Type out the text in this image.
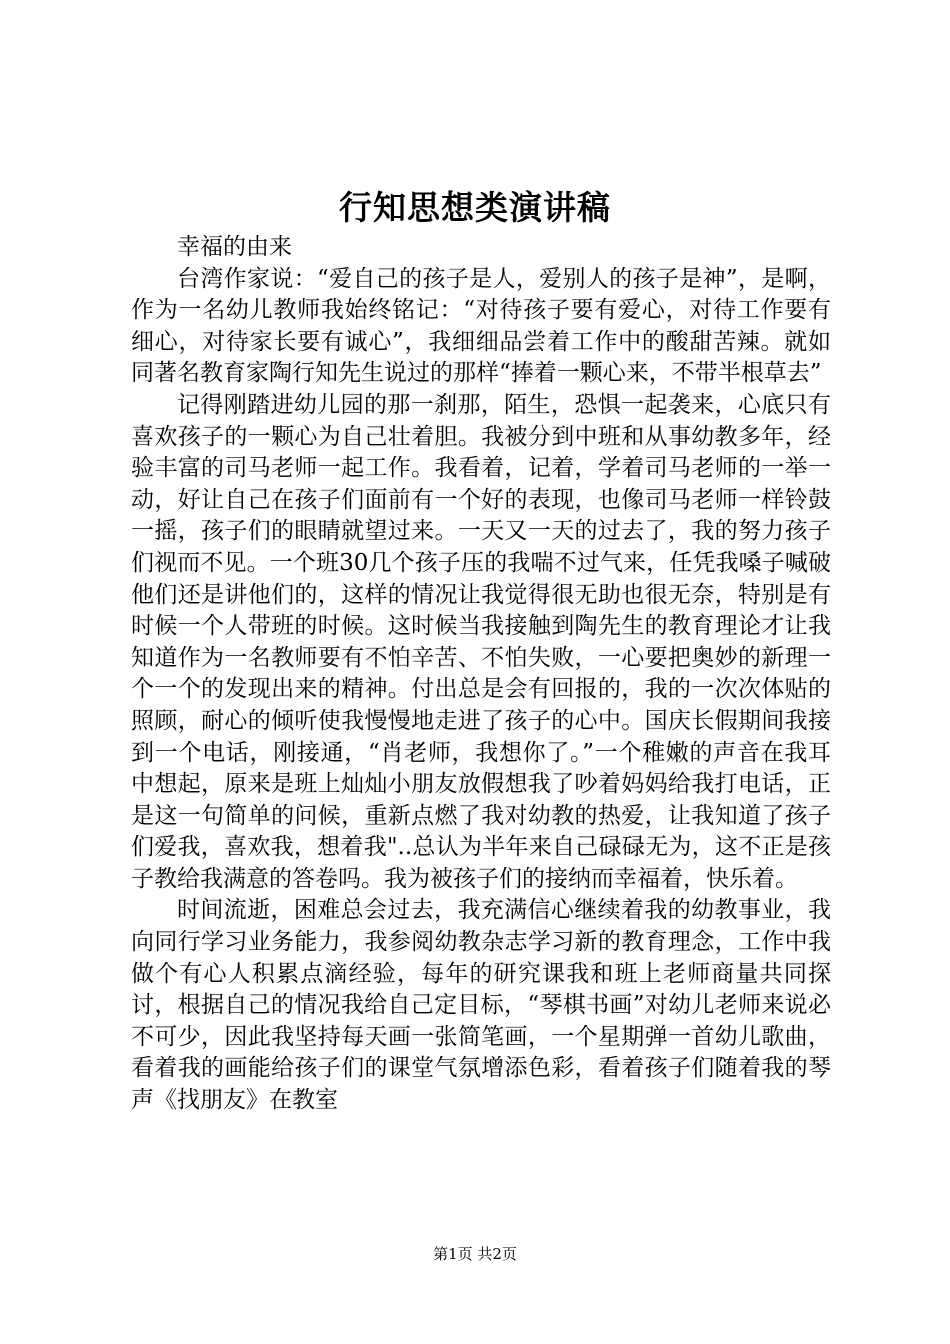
行知思想类演讲稿

幸福的由来

台湾作家说：“爱自己的孩子是人，爱别人的孩子是神”，是啊，作为一名幼儿教师我始终铭记：“对待孩子要有爱心，对待工作要有细心，对待家长要有诚心”，我细细品尝着工作中的酸甜苦辣。就如同著名教育家陶行知先生说过的那样“捧着一颗心来，不带半根草去”

记得刚踏进幼儿园的那一刹那，陌生，恐惧一起袭来，心底只有喜欢孩子的一颗心为自己壮着胆。我被分到中班和从事幼教多年，经验丰富的司马老师一起工作。我看着，记着，学着司马老师的一举一动，好让自己在孩子们面前有一个好的表现，也像司马老师一样铃鼓一摇，孩子们的眼睛就望过来。一天又一天的过去了，我的努力孩子们视而不见。一个班30几个孩子压的我喘不过气来，任凭我嗓子喊破他们还是讲他们的，这样的情况让我觉得很无助也很无奈，特别是有时候一个人带班的时候。这时候当我接触到陶先生的教育理论才让我知道作为一名教师要有不怕辛苦、不怕失败，一心要把奥妙的新理一个一个的发现出来的精神。付出总是会有回报的，我的一次次体贴的照顾，耐心的倾听使我慢慢地走进了孩子的心中。国庆长假期间我接到一个电话，刚接通，“肖老师，我想你了。”一个稚嫩的声音在我耳中想起，原来是班上灿灿小朋友放假想我了吵着妈妈给我打电话，正是这一句简单的问候，重新点燃了我对幼教的热爱，让我知道了孩子们爱我，喜欢我，想着我"..总认为半年来自己碌碌无为，这不正是孩子教给我满意的答卷吗。我为被孩子们的接纳而幸福着，快乐着。

时间流逝，困难总会过去，我充满信心继续着我的幼教事业，我向同行学习业务能力，我参阅幼教杂志学习新的教育理念，工作中我做个有心人积累点滴经验，每年的研究课我和班上老师商量共同探讨，根据自己的情况我给自己定目标，“琴棋书画”对幼儿老师来说必不可少，因此我坚持每天画一张简笔画，一个星期弹一首幼儿歌曲，看着我的画能给孩子们的课堂气氛增添色彩，看着孩子们随着我的琴声《找朋友》在教室

第1页 共2页
